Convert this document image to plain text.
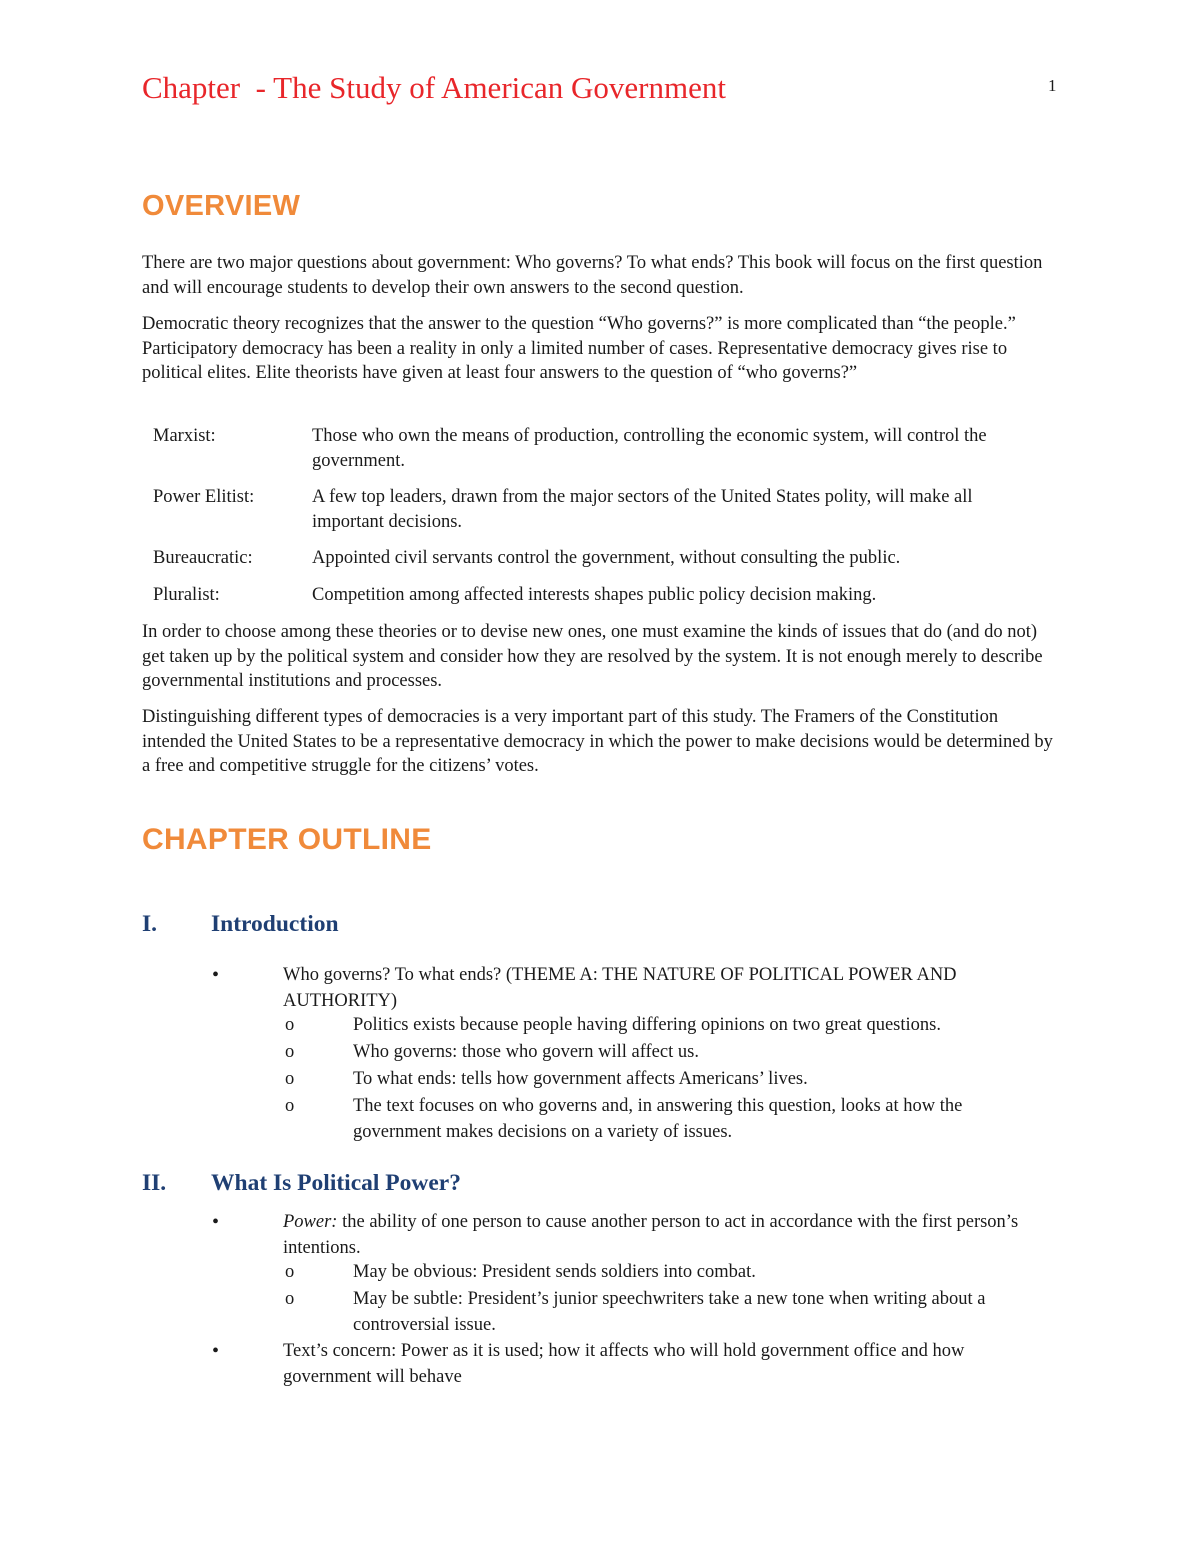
Chapter  - The Study of American Government	1
OVERVIEW

There are two major questions about government: Who governs? To what ends? This book will focus on the first question and will encourage students to develop their own answers to the second question.

Democratic theory recognizes that the answer to the question “Who governs?” is more complicated than “the people.” Participatory democracy has been a reality in only a limited number of cases. Representative democracy gives rise to political elites. Elite theorists have given at least four answers to the question of “who governs?”

Marxist:	Those who own the means of production, controlling the economic system, will control the government.
Power Elitist:	A few top leaders, drawn from the major sectors of the United States polity, will make all important decisions.
Bureaucratic:	Appointed civil servants control the government, without consulting the public.
Pluralist:	Competition among affected interests shapes public policy decision making.

In order to choose among these theories or to devise new ones, one must examine the kinds of issues that do (and do not) get taken up by the political system and consider how they are resolved by the system. It is not enough merely to describe governmental institutions and processes.

Distinguishing different types of democracies is a very important part of this study. The Framers of the Constitution intended the United States to be a representative democracy in which the power to make decisions would be determined by a free and competitive struggle for the citizens’ votes.

CHAPTER OUTLINE
I. Introduction
•	Who governs? To what ends? (THEME A: THE NATURE OF POLITICAL POWER AND AUTHORITY)
o	Politics exists because people having differing opinions on two great questions.
o	Who governs: those who govern will affect us.
o	To what ends: tells how government affects Americans’ lives.
o	The text focuses on who governs and, in answering this question, looks at how the government makes decisions on a variety of issues.
II. What Is Political Power?
•	Power: the ability of one person to cause another person to act in accordance with the first person’s intentions.
o	May be obvious: President sends soldiers into combat.
o	May be subtle: President’s junior speechwriters take a new tone when writing about a controversial issue.
•	Text’s concern: Power as it is used; how it affects who will hold government office and how government will behave
